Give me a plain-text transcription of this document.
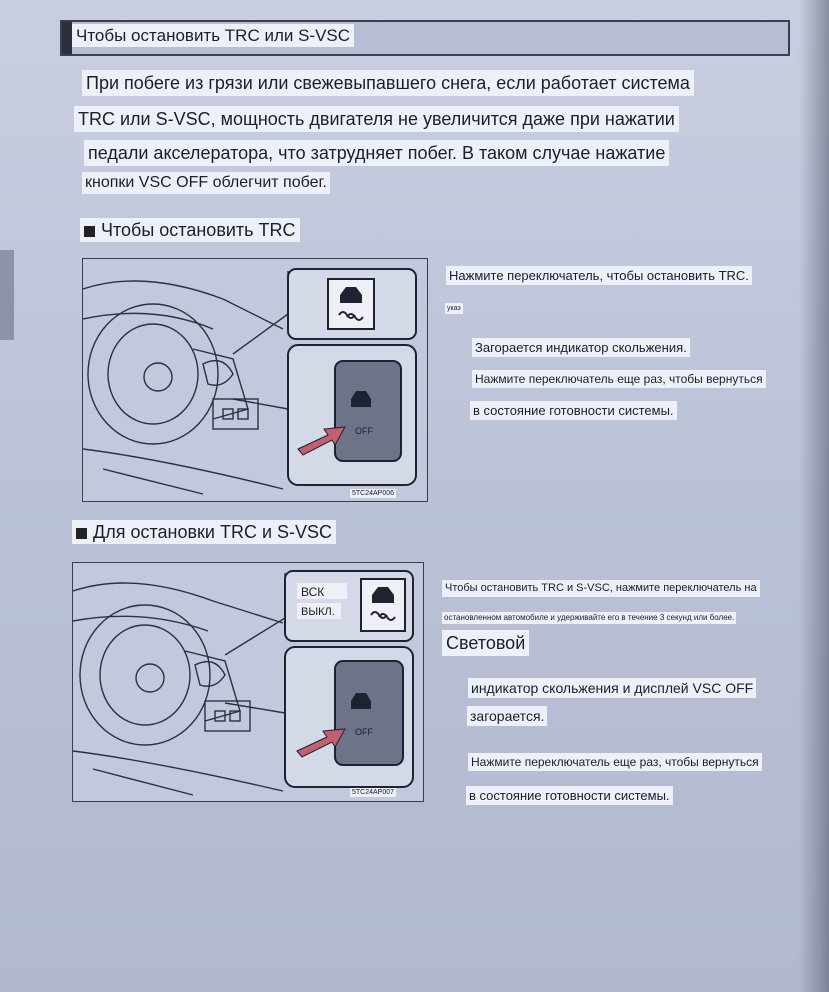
Чтобы остановить TRC или S-VSC
При побеге из грязи или свежевыпавшего снега, если работает система
TRC или S-VSC, мощность двигателя не увеличится даже при нажатии
педали акселератора, что затрудняет побег. В таком случае нажатие
кнопки VSC OFF облегчит побег.
Чтобы остановить TRC
OFF
5TC24AP006
Нажмите переключатель, чтобы остановить TRC.
указ
Загорается индикатор скольжения.
Нажмите переключатель еще раз, чтобы вернуться
в состояние готовности системы.
Для остановки TRC и S-VSC
ВСК
ВЫКЛ.
OFF
5TC24AP007
Чтобы остановить TRC и S-VSC, нажмите переключатель на
остановленном автомобиле и удерживайте его в течение 3 секунд или более.
Световой
индикатор скольжения и дисплей VSC OFF
загорается.
Нажмите переключатель еще раз, чтобы вернуться
в состояние готовности системы.
